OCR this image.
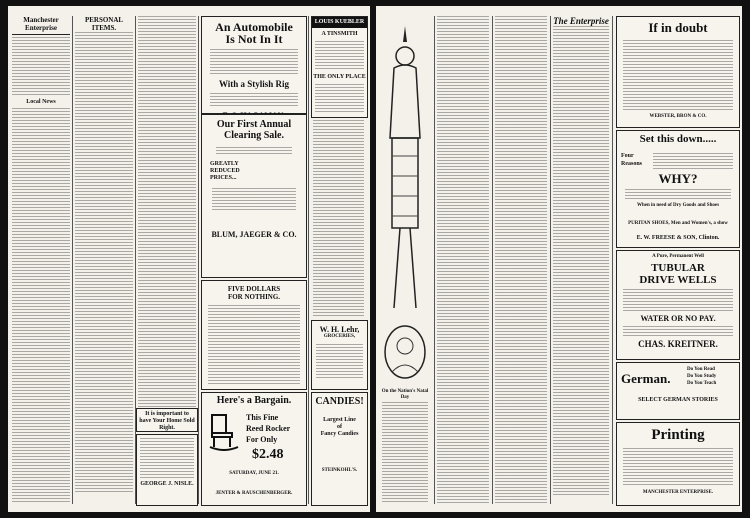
Manchester Enterprise
Local News
PERSONAL ITEMS.
It is important to have Your Home Sold Right.
GEORGE J. NISLE.
An Automobile
Is Not In It
With a Stylish Rig
Our First Annual
Clearing Sale.
GREATLY
REDUCED
PRICES...
BLUM, JAEGER & CO.
FIVE DOLLARS
FOR NOTHING.
Here's a Bargain.
This Fine
Reed Rocker
For Only
$2.48
SATURDAY, JUNE 21.
JENTER & RAUSCHENBERGER.
LOUIS KUEBLER
A TINSMITH
THE ONLY PLACE
W. H. Lehr,
GROCERIES,
CANDIES!
Largest Line
of
Fancy Candies
STEINKOHL'S.
On the Nation's Natal Day
The Enterprise	If in doubt
WEBSTER, BRON & CO.
Set this down.....
Four
Reasons
WHY?
When in need of Dry Goods and Shoes
PURITAN SHOES, Men and Women's, a show
E. W. FREESE & SON, Clinton.
A Pure, Permanent Well
TUBULAR
DRIVE WELLS
WATER OR NO PAY.
CHAS. KREITNER.
German.
Do You Read
Do You Study
Do You Teach
SELECT GERMAN STORIES
Printing
MANCHESTER ENTERPRISE.
